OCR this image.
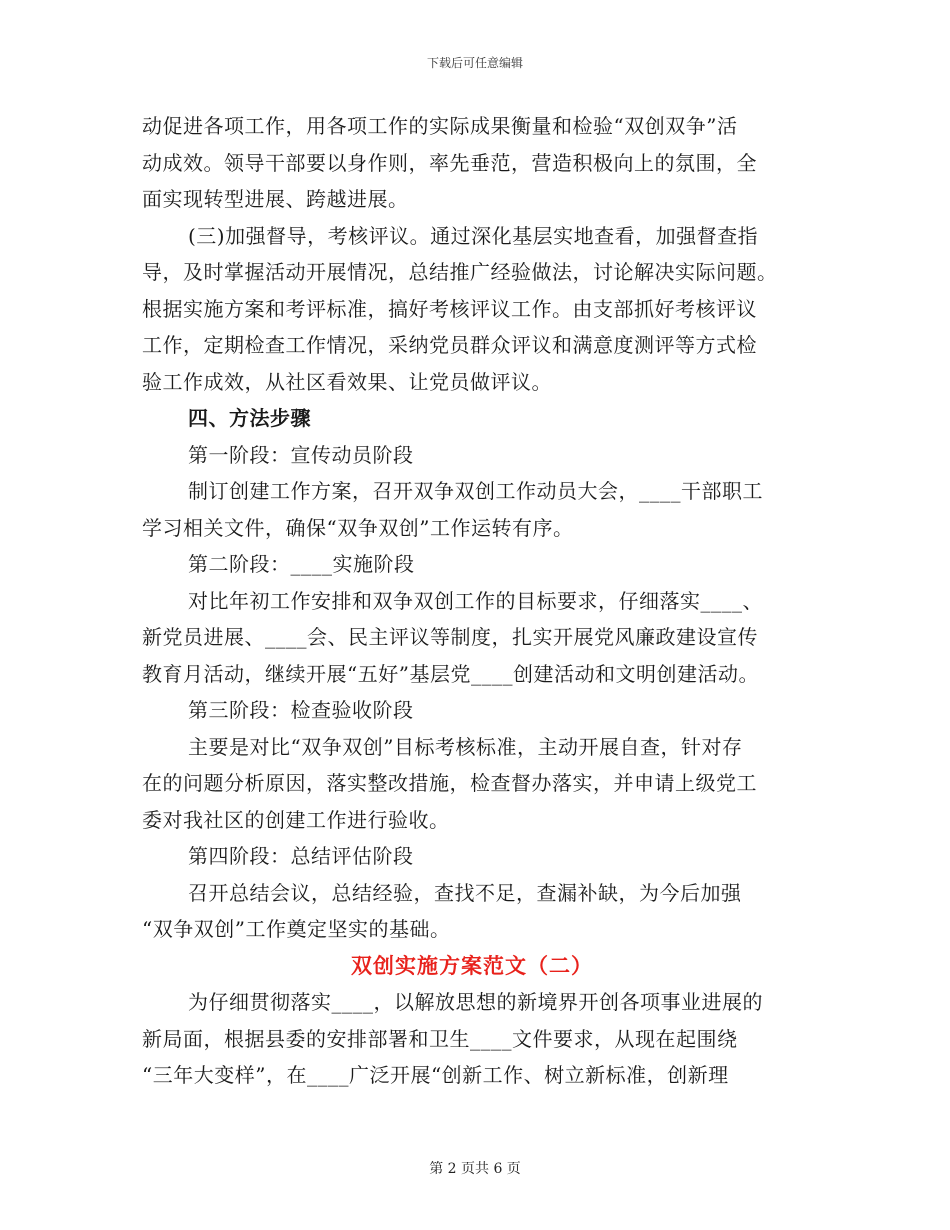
下载后可任意编辑
动促进各项工作，用各项工作的实际成果衡量和检验“双创双争”活
动成效。领导干部要以身作则，率先垂范，营造积极向上的氛围，全
面实现转型进展、跨越进展。
(三)加强督导，考核评议。通过深化基层实地查看，加强督查指
导，及时掌握活动开展情况，总结推广经验做法，讨论解决实际问题。
根据实施方案和考评标准，搞好考核评议工作。由支部抓好考核评议
工作，定期检查工作情况，采纳党员群众评议和满意度测评等方式检
验工作成效，从社区看效果、让党员做评议。
四、方法步骤
第一阶段：宣传动员阶段
制订创建工作方案，召开双争双创工作动员大会，____干部职工
学习相关文件，确保“双争双创”工作运转有序。
第二阶段：____实施阶段
对比年初工作安排和双争双创工作的目标要求，仔细落实____、
新党员进展、____会、民主评议等制度，扎实开展党风廉政建设宣传
教育月活动，继续开展“五好”基层党____创建活动和文明创建活动。
第三阶段：检查验收阶段
主要是对比“双争双创”目标考核标准，主动开展自查，针对存
在的问题分析原因，落实整改措施，检查督办落实，并申请上级党工
委对我社区的创建工作进行验收。
第四阶段：总结评估阶段
召开总结会议，总结经验，查找不足，查漏补缺，为今后加强
“双争双创”工作奠定坚实的基础。
双创实施方案范文（二）
为仔细贯彻落实____，以解放思想的新境界开创各项事业进展的
新局面，根据县委的安排部署和卫生____文件要求，从现在起围绕
“三年大变样”，在____广泛开展“创新工作、树立新标准，创新理
第 2 页共 6 页
